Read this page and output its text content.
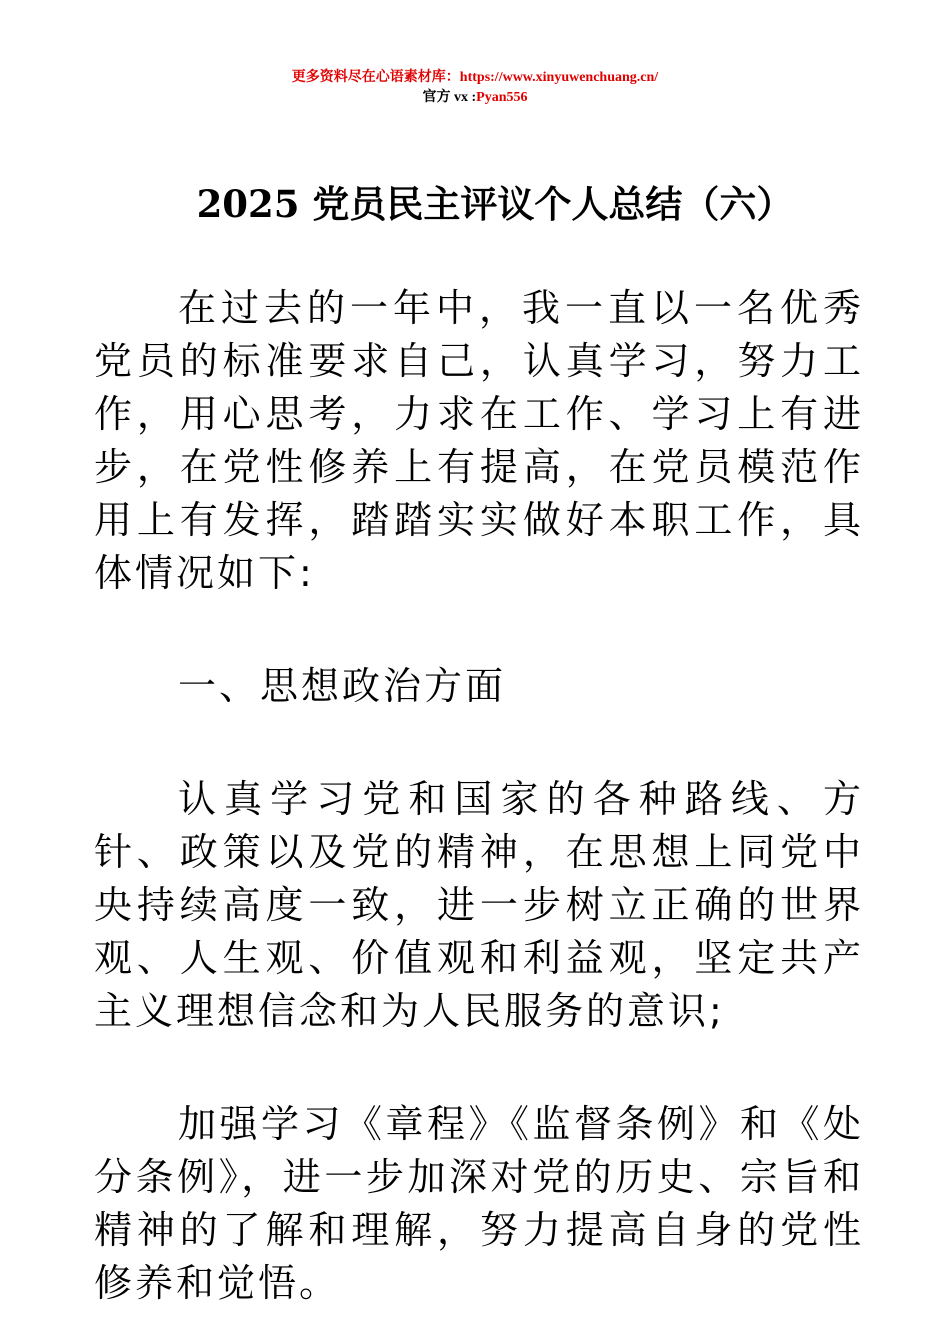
更多资料尽在心语素材库：https://www.xinyuwenchuang.cn/
官方 vx :Pyan556
2025 党员民主评议个人总结（六）

在过去的一年中，我一直以一名优秀党员的标准要求自己，认真学习，努力工作，用心思考，力求在工作、学习上有进步，在党性修养上有提高，在党员模范作用上有发挥，踏踏实实做好本职工作，具体情况如下:

一、思想政治方面

认真学习党和国家的各种路线、方针、政策以及党的精神，在思想上同党中央持续高度一致，进一步树立正确的世界观、人生观、价值观和利益观，坚定共产主义理想信念和为人民服务的意识;

加强学习《章程》《监督条例》和《处分条例》，进一步加深对党的历史、宗旨和精神的了解和理解，努力提高自身的党性修养和觉悟。
